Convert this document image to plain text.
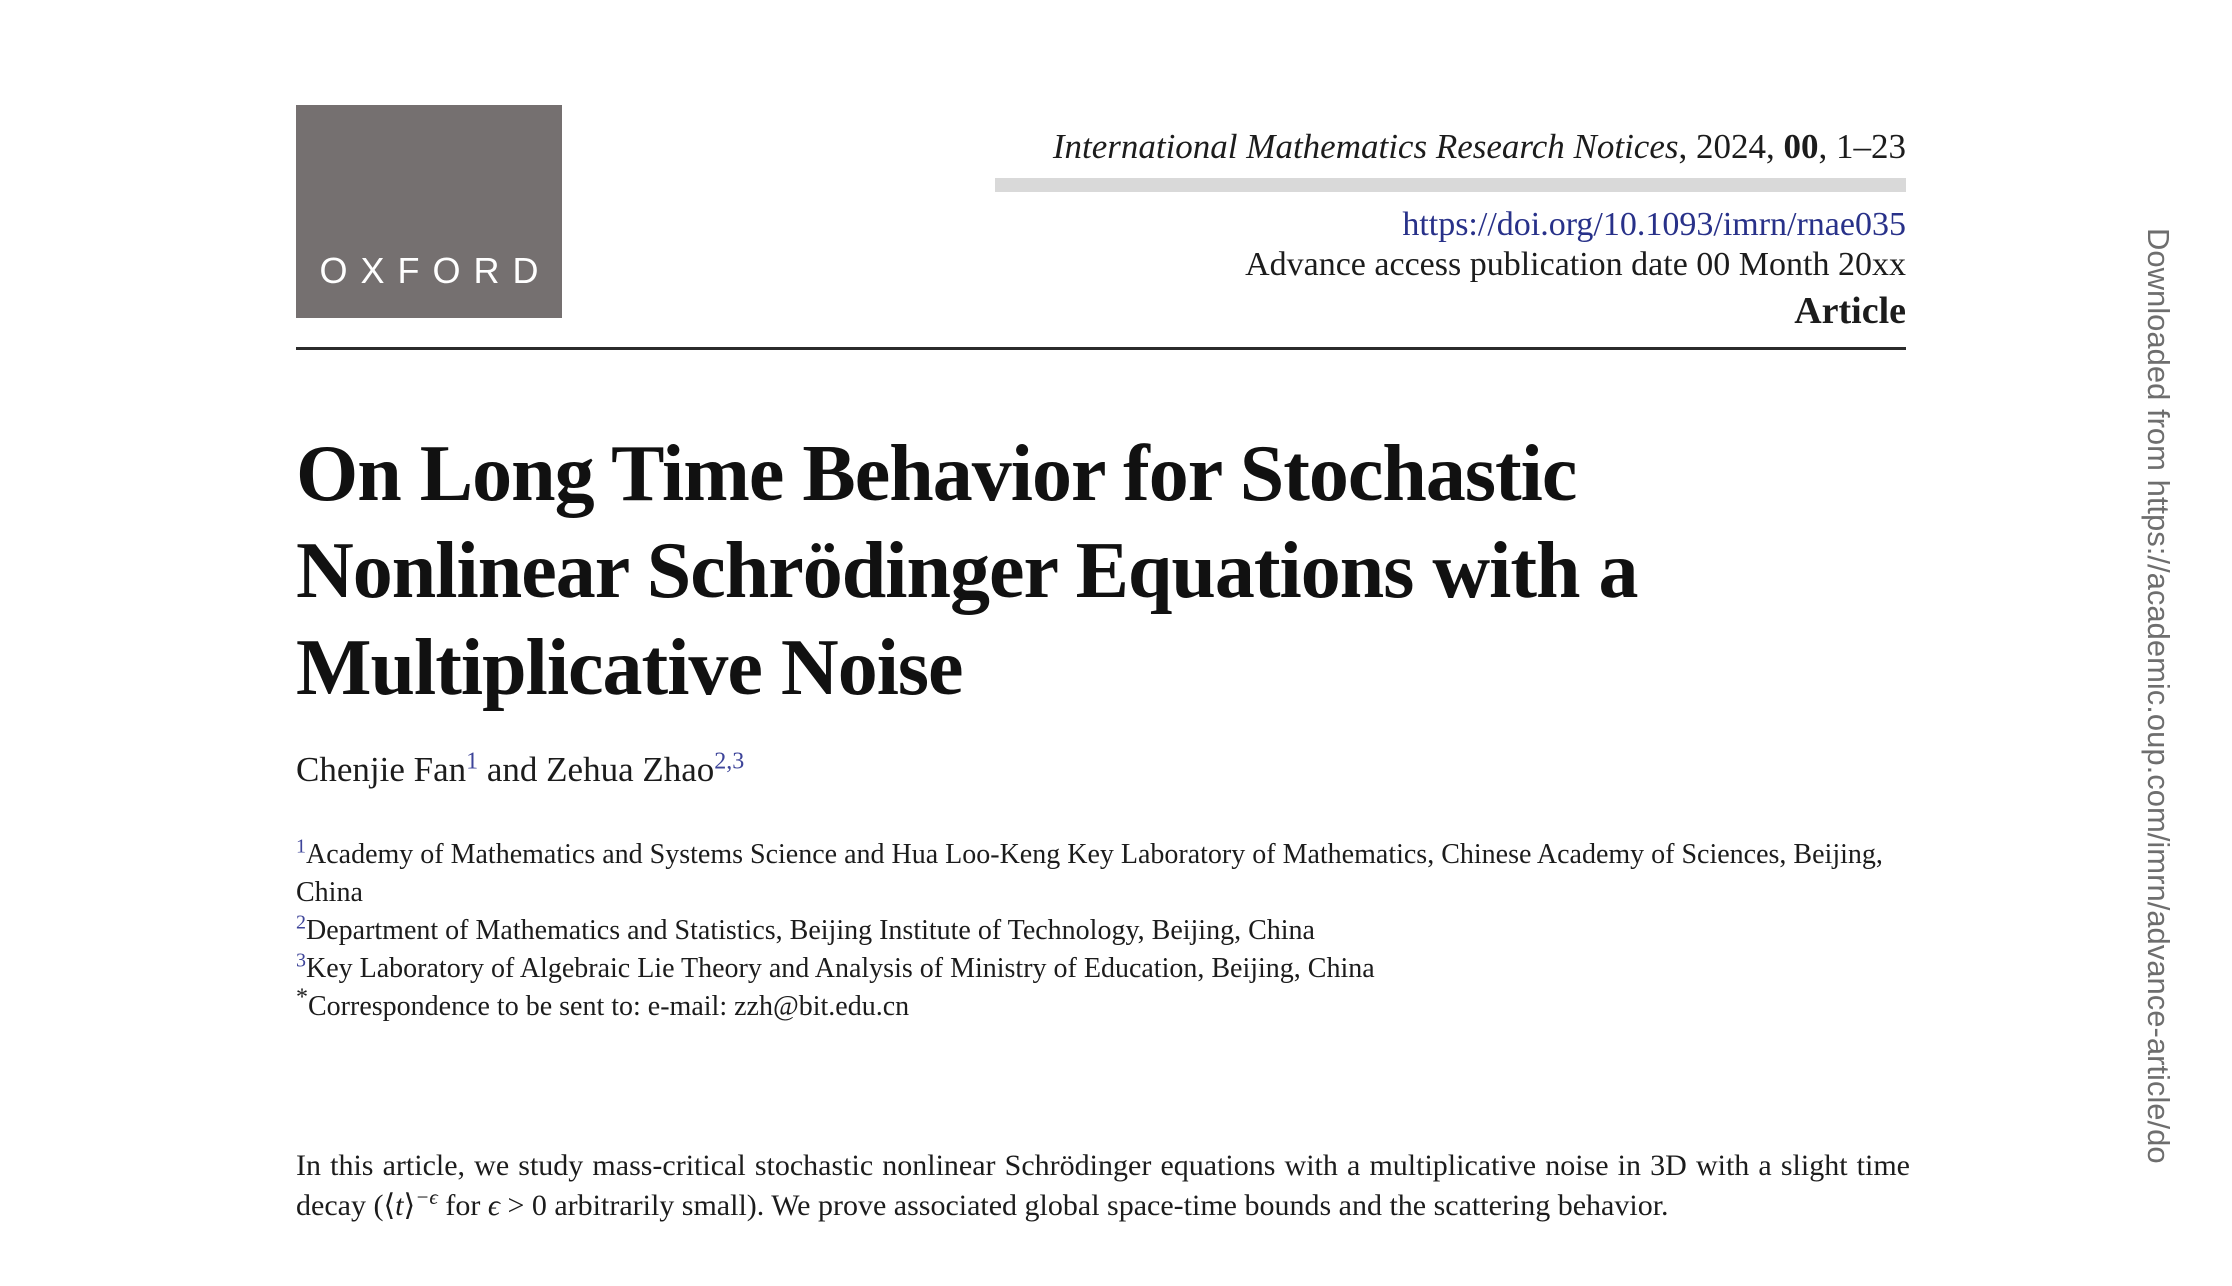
OXFORD
International Mathematics Research Notices, 2024, 00, 1–23
https://doi.org/10.1093/imrn/rnae035
Advance access publication date 00 Month 20xx
Article
On Long Time Behavior for Stochastic
Nonlinear Schrödinger Equations with a
Multiplicative Noise
Chenjie Fan$^1$ and Zehua Zhao$^{2,3}$

$^1$Academy of Mathematics and Systems Science and Hua Loo-Keng Key Laboratory of Mathematics, Chinese Academy of Sciences, Beijing, China

$^2$Department of Mathematics and Statistics, Beijing Institute of Technology, Beijing, China

$^3$Key Laboratory of Algebraic Lie Theory and Analysis of Ministry of Education, Beijing, China

*Correspondence to be sent to: e-mail: zzh@bit.edu.cn

In this article, we study mass-critical stochastic nonlinear Schrödinger equations with a multiplicative noise in 3D with a slight time decay (⟨t⟩$^{-\epsilon}$ for ϵ > 0 arbitrarily small). We prove associated global space-time bounds and the scattering behavior.

Downloaded from https://academic.oup.com/imrn/advance-article/do
